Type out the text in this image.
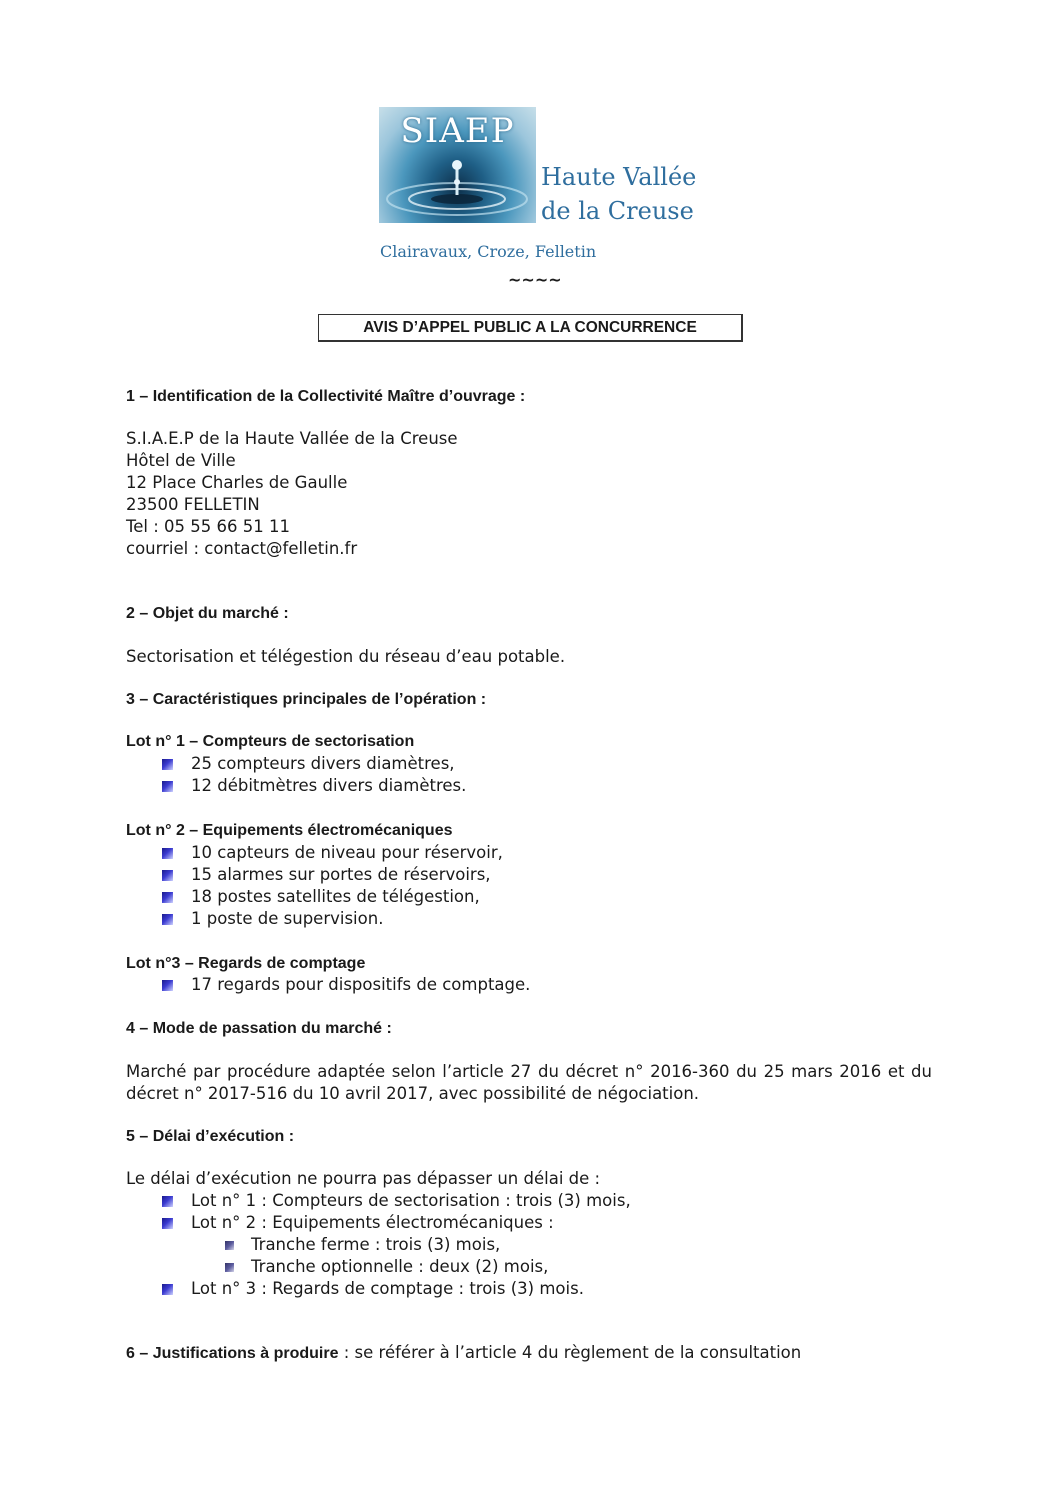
SIAEP
Haute Vallée
de la Creuse
Clairavaux, Croze, Felletin
~~~~
AVIS D’APPEL PUBLIC A LA CONCURRENCE
1 – Identification de la Collectivité Maître d’ouvrage :
S.I.A.E.P de la Haute Vallée de la Creuse
Hôtel de Ville
12 Place Charles de Gaulle
23500 FELLETIN
Tel : 05 55 66 51 11
courriel : contact@felletin.fr
2 – Objet du marché :
Sectorisation et télégestion du réseau d’eau potable.
3 – Caractéristiques principales de l’opération :
Lot n° 1 – Compteurs de sectorisation
25 compteurs divers diamètres,
12 débitmètres divers diamètres.
Lot n° 2 – Equipements électromécaniques
10 capteurs de niveau pour réservoir,
15 alarmes sur portes de réservoirs,
18 postes satellites de télégestion,
1 poste de supervision.
Lot n°3 – Regards de comptage
17 regards pour dispositifs de comptage.
4 – Mode de passation du marché :
Marché par procédure adaptée selon l’article 27 du décret n° 2016-360 du 25 mars 2016 et du décret n° 2017-516 du 10 avril 2017, avec possibilité de négociation.
5 – Délai d’exécution :
Le délai d’exécution ne pourra pas dépasser un délai de :
Lot n° 1 : Compteurs de sectorisation : trois (3) mois,
Lot n° 2 : Equipements électromécaniques :
Tranche ferme : trois (3) mois,
Tranche optionnelle : deux (2) mois,
Lot n° 3 : Regards de comptage : trois (3) mois.
6 – Justifications à produire : se référer à l’article 4 du règlement de la consultation
